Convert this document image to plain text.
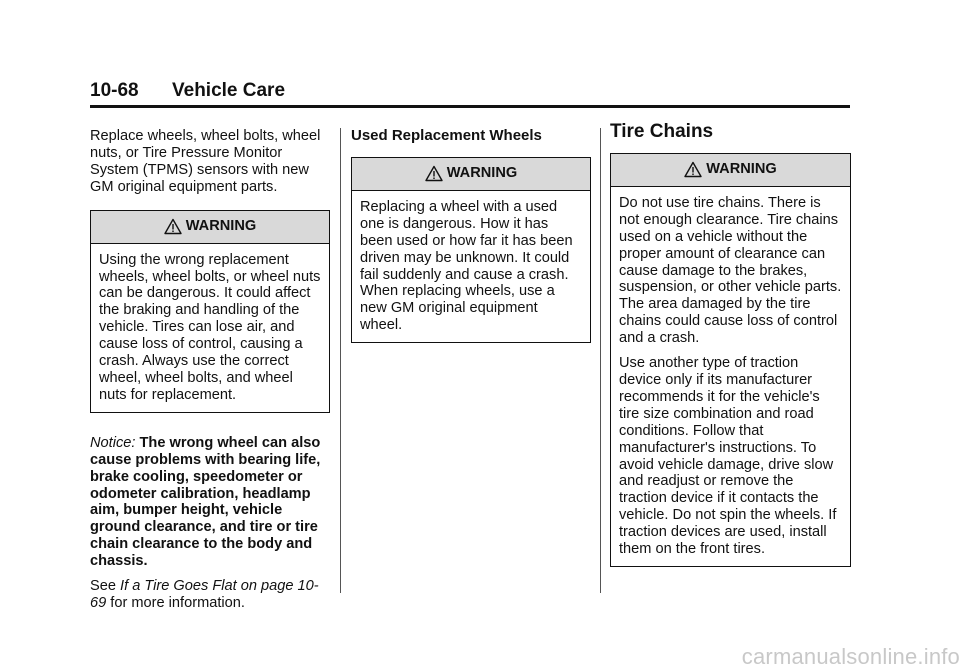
10-68 Vehicle Care

Replace wheels, wheel bolts, wheel nuts, or Tire Pressure Monitor System (TPMS) sensors with new GM original equipment parts.

WARNING

Using the wrong replacement wheels, wheel bolts, or wheel nuts can be dangerous. It could affect the braking and handling of the vehicle. Tires can lose air, and cause loss of control, causing a crash. Always use the correct wheel, wheel bolts, and wheel nuts for replacement.

Notice: The wrong wheel can also cause problems with bearing life, brake cooling, speedometer or odometer calibration, headlamp aim, bumper height, vehicle ground clearance, and tire or tire chain clearance to the body and chassis.

See If a Tire Goes Flat on page 10-69 for more information.

Used Replacement Wheels
WARNING

Replacing a wheel with a used one is dangerous. How it has been used or how far it has been driven may be unknown. It could fail suddenly and cause a crash. When replacing wheels, use a new GM original equipment wheel.

Tire Chains
WARNING

Do not use tire chains. There is not enough clearance. Tire chains used on a vehicle without the proper amount of clearance can cause damage to the brakes, suspension, or other vehicle parts. The area damaged by the tire chains could cause loss of control and a crash.

Use another type of traction device only if its manufacturer recommends it for the vehicle's tire size combination and road conditions. Follow that manufacturer's instructions. To avoid vehicle damage, drive slow and readjust or remove the traction device if it contacts the vehicle. Do not spin the wheels. If traction devices are used, install them on the front tires.

carmanualsonline.info
